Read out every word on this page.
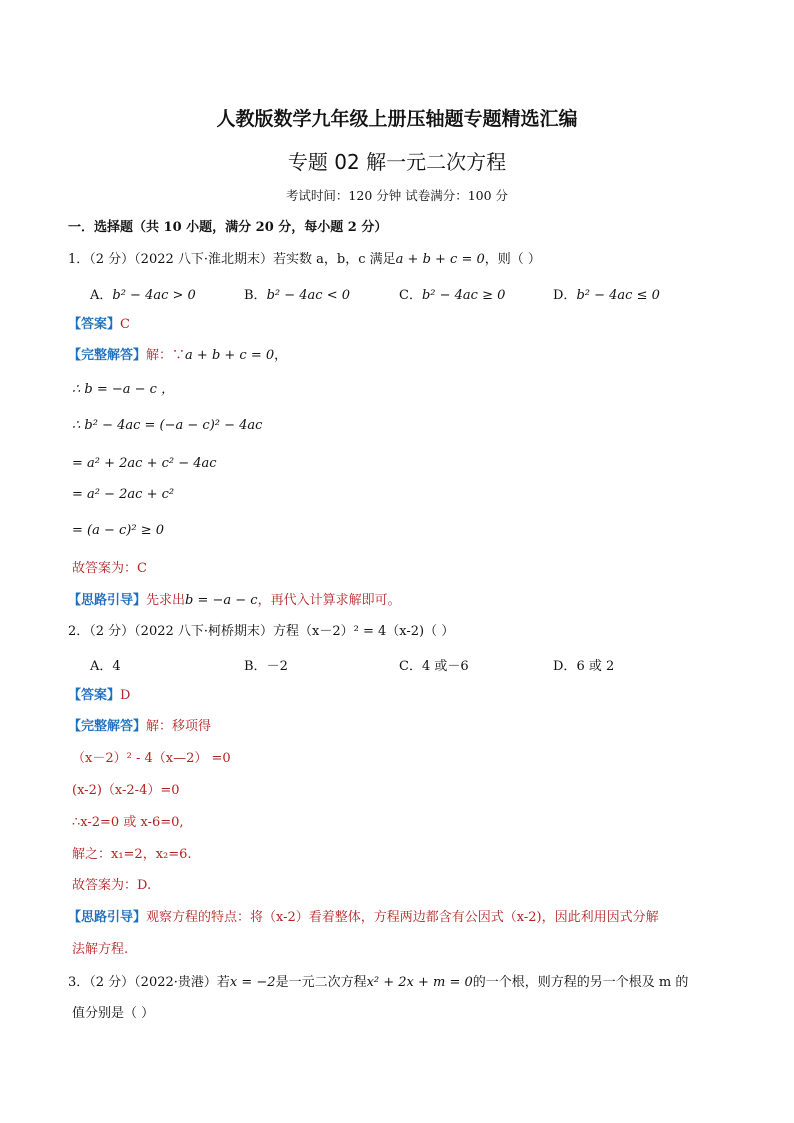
人教版数学九年级上册压轴题专题精选汇编
专题 02 解一元二次方程
考试时间：120 分钟 试卷满分：100 分
一．选择题（共 10 小题，满分 20 分，每小题 2 分）
1．（2 分）（2022 八下·淮北期末）若实数 a，b，c 满足a + b + c = 0，则（ ）
A．b² − 4ac > 0	B．b² − 4ac < 0	C．b² − 4ac ≥ 0	D．b² − 4ac ≤ 0
【答案】C
【完整解答】解：∵a + b + c = 0，
∴ b = −a − c ，
∴ b² − 4ac = (−a − c)² − 4ac
= a² + 2ac + c² − 4ac
= a² − 2ac + c²
= (a − c)² ≥ 0
故答案为：C
【思路引导】先求出b = −a − c，再代入计算求解即可。
2．（2 分）（2022 八下·柯桥期末）方程（x－2）² = 4（x-2)（ ）
A．4	B．－2	C．4 或－6	D．6 或 2
【答案】D
【完整解答】解：移项得
（x－2）² - 4（x—2） =0
(x-2)（x-2-4）=0
∴x-2=0 或 x-6=0,
解之：x₁=2，x₂=6.
故答案为：D.
【思路引导】观察方程的特点：将（x-2）看着整体，方程两边都含有公因式（x-2)，因此利用因式分解
法解方程.
3．（2 分）（2022·贵港）若x = −2是一元二次方程x² + 2x + m = 0的一个根，则方程的另一个根及 m 的
值分别是（ ）
